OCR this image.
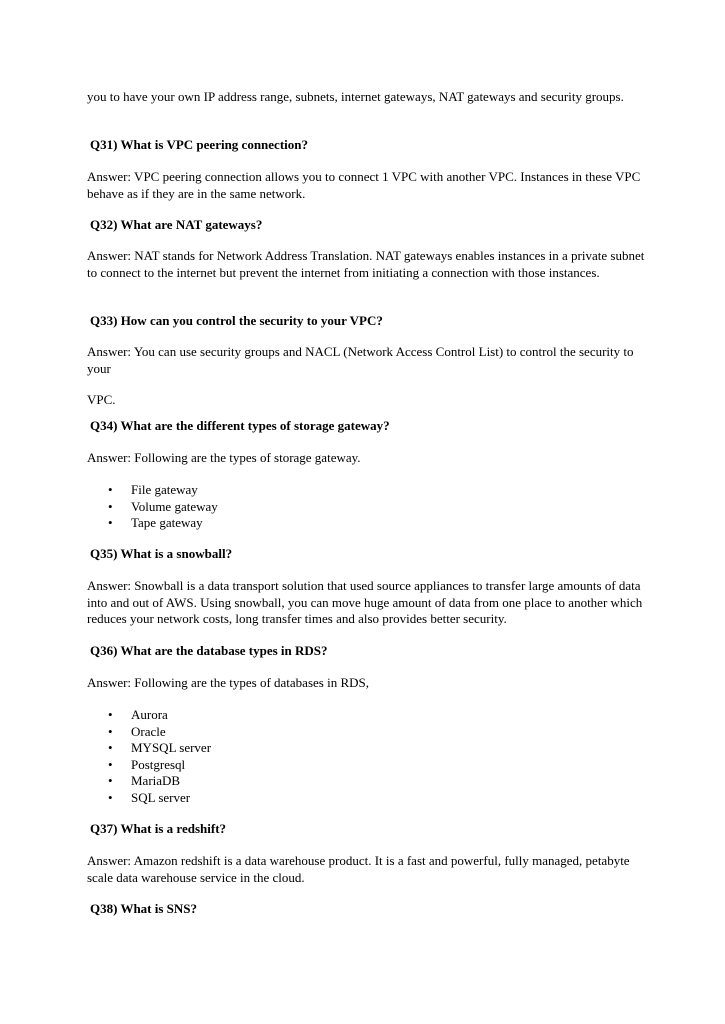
you to have your own IP address range, subnets, internet gateways, NAT gateways and security groups.

Q31) What is VPC peering connection?

Answer: VPC peering connection allows you to connect 1 VPC with another VPC. Instances in these VPC behave as if they are in the same network.

Q32) What are NAT gateways?

Answer: NAT stands for Network Address Translation. NAT gateways enables instances in a private subnet to connect to the internet but prevent the internet from initiating a connection with those instances.

Q33) How can you control the security to your VPC?

Answer: You can use security groups and NACL (Network Access Control List) to control the security to your

VPC.

Q34) What are the different types of storage gateway?

Answer: Following are the types of storage gateway.

• File gateway
• Volume gateway
• Tape gateway

Q35) What is a snowball?

Answer: Snowball is a data transport solution that used source appliances to transfer large amounts of data into and out of AWS. Using snowball, you can move huge amount of data from one place to another which reduces your network costs, long transfer times and also provides better security.

Q36) What are the database types in RDS?

Answer: Following are the types of databases in RDS,

• Aurora
• Oracle
• MYSQL server
• Postgresql
• MariaDB
• SQL server

Q37) What is a redshift?

Answer: Amazon redshift is a data warehouse product. It is a fast and powerful, fully managed, petabyte scale data warehouse service in the cloud.

Q38) What is SNS?
